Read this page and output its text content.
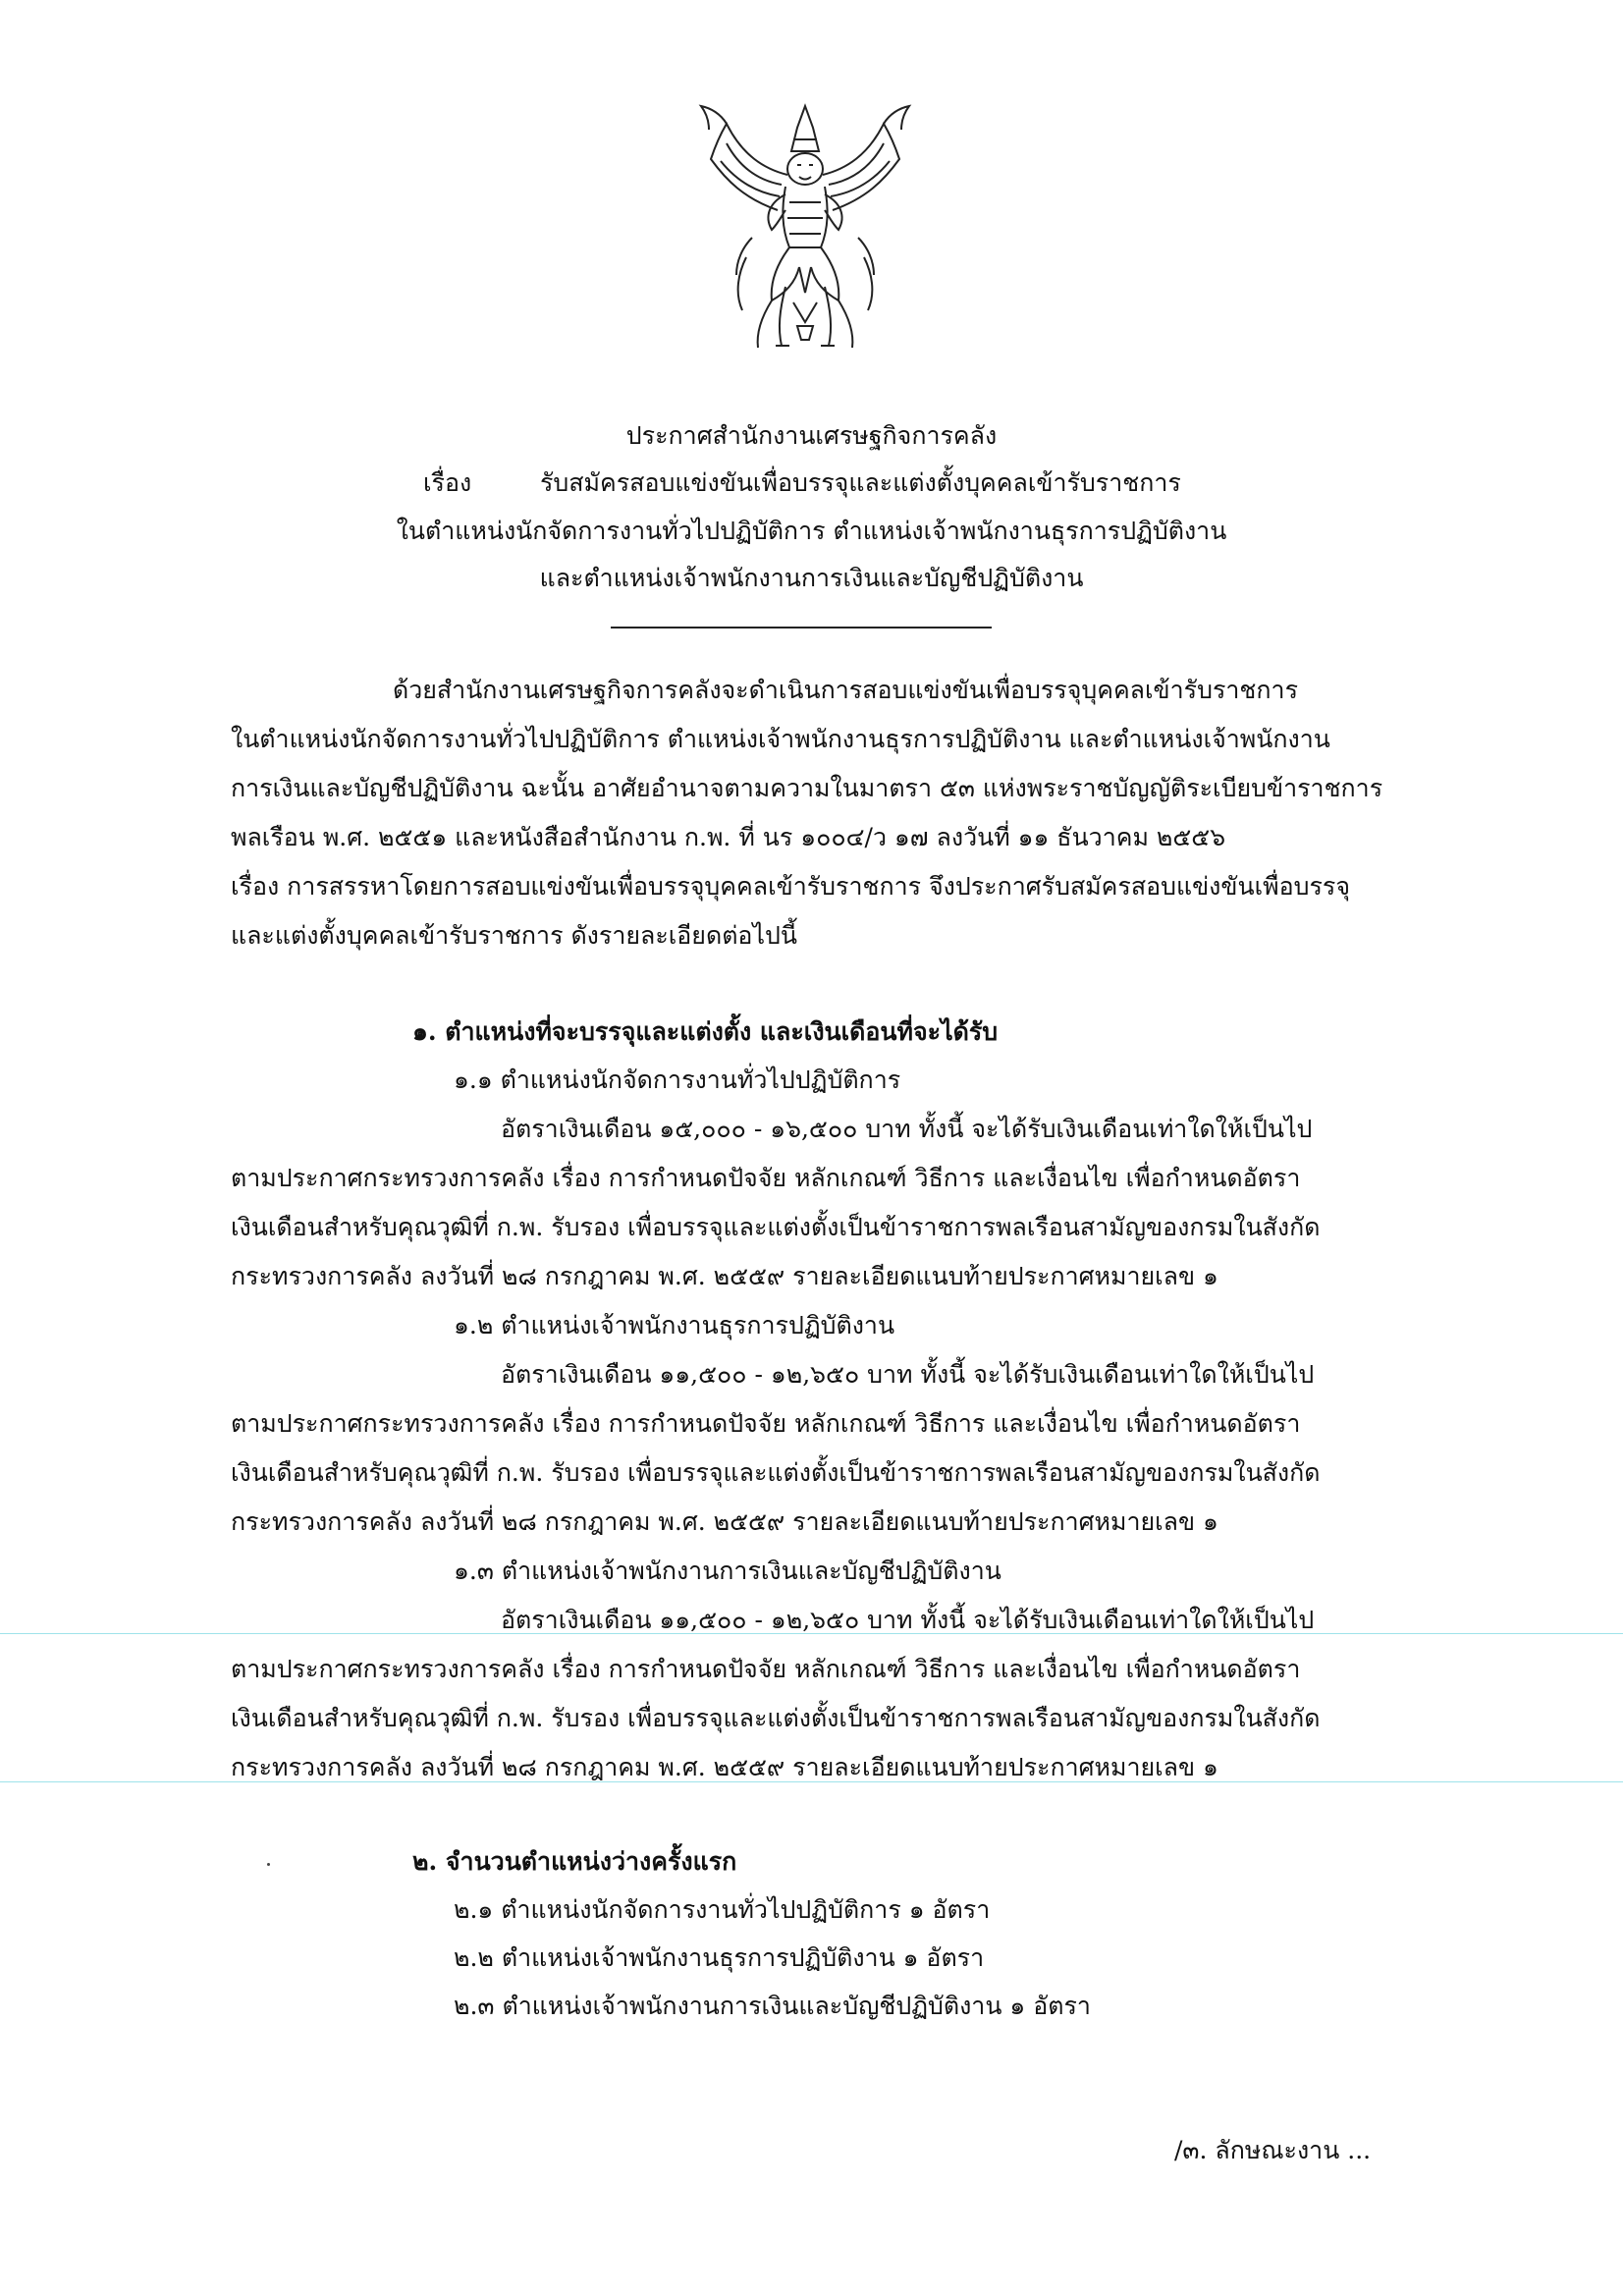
ประกาศสำนักงานเศรษฐกิจการคลัง
เรื่อง	รับสมัครสอบแข่งขันเพื่อบรรจุและแต่งตั้งบุคคลเข้ารับราชการ
ในตำแหน่งนักจัดการงานทั่วไปปฏิบัติการ ตำแหน่งเจ้าพนักงานธุรการปฏิบัติงาน
และตำแหน่งเจ้าพนักงานการเงินและบัญชีปฏิบัติงาน
ด้วยสำนักงานเศรษฐกิจการคลังจะดำเนินการสอบแข่งขันเพื่อบรรจุบุคคลเข้ารับราชการ
ในตำแหน่งนักจัดการงานทั่วไปปฏิบัติการ ตำแหน่งเจ้าพนักงานธุรการปฏิบัติงาน และตำแหน่งเจ้าพนักงาน
การเงินและบัญชีปฏิบัติงาน ฉะนั้น อาศัยอำนาจตามความในมาตรา ๕๓ แห่งพระราชบัญญัติระเบียบข้าราชการ
พลเรือน พ.ศ. ๒๕๕๑ และหนังสือสำนักงาน ก.พ. ที่ นร ๑๐๐๔/ว ๑๗ ลงวันที่ ๑๑ ธันวาคม ๒๕๕๖
เรื่อง การสรรหาโดยการสอบแข่งขันเพื่อบรรจุบุคคลเข้ารับราชการ จึงประกาศรับสมัครสอบแข่งขันเพื่อบรรจุ
และแต่งตั้งบุคคลเข้ารับราชการ ดังรายละเอียดต่อไปนี้
๑. ตำแหน่งที่จะบรรจุและแต่งตั้ง และเงินเดือนที่จะได้รับ
๑.๑ ตำแหน่งนักจัดการงานทั่วไปปฏิบัติการ
อัตราเงินเดือน ๑๕,๐๐๐ - ๑๖,๕๐๐ บาท ทั้งนี้ จะได้รับเงินเดือนเท่าใดให้เป็นไป
ตามประกาศกระทรวงการคลัง เรื่อง การกำหนดปัจจัย หลักเกณฑ์ วิธีการ และเงื่อนไข เพื่อกำหนดอัตรา
เงินเดือนสำหรับคุณวุฒิที่ ก.พ. รับรอง เพื่อบรรจุและแต่งตั้งเป็นข้าราชการพลเรือนสามัญของกรมในสังกัด
กระทรวงการคลัง ลงวันที่ ๒๘ กรกฎาคม พ.ศ. ๒๕๕๙ รายละเอียดแนบท้ายประกาศหมายเลข ๑
๑.๒ ตำแหน่งเจ้าพนักงานธุรการปฏิบัติงาน
อัตราเงินเดือน ๑๑,๕๐๐ - ๑๒,๖๕๐ บาท ทั้งนี้ จะได้รับเงินเดือนเท่าใดให้เป็นไป
ตามประกาศกระทรวงการคลัง เรื่อง การกำหนดปัจจัย หลักเกณฑ์ วิธีการ และเงื่อนไข เพื่อกำหนดอัตรา
เงินเดือนสำหรับคุณวุฒิที่ ก.พ. รับรอง เพื่อบรรจุและแต่งตั้งเป็นข้าราชการพลเรือนสามัญของกรมในสังกัด
กระทรวงการคลัง ลงวันที่ ๒๘ กรกฎาคม พ.ศ. ๒๕๕๙ รายละเอียดแนบท้ายประกาศหมายเลข ๑
๑.๓ ตำแหน่งเจ้าพนักงานการเงินและบัญชีปฏิบัติงาน
อัตราเงินเดือน ๑๑,๕๐๐ - ๑๒,๖๕๐ บาท ทั้งนี้ จะได้รับเงินเดือนเท่าใดให้เป็นไป
ตามประกาศกระทรวงการคลัง เรื่อง การกำหนดปัจจัย หลักเกณฑ์ วิธีการ และเงื่อนไข เพื่อกำหนดอัตรา
เงินเดือนสำหรับคุณวุฒิที่ ก.พ. รับรอง เพื่อบรรจุและแต่งตั้งเป็นข้าราชการพลเรือนสามัญของกรมในสังกัด
กระทรวงการคลัง ลงวันที่ ๒๘ กรกฎาคม พ.ศ. ๒๕๕๙ รายละเอียดแนบท้ายประกาศหมายเลข ๑
๒. จำนวนตำแหน่งว่างครั้งแรก
๒.๑ ตำแหน่งนักจัดการงานทั่วไปปฏิบัติการ ๑ อัตรา
๒.๒ ตำแหน่งเจ้าพนักงานธุรการปฏิบัติงาน ๑ อัตรา
๒.๓ ตำแหน่งเจ้าพนักงานการเงินและบัญชีปฏิบัติงาน ๑ อัตรา
/๓. ลักษณะงาน ...
